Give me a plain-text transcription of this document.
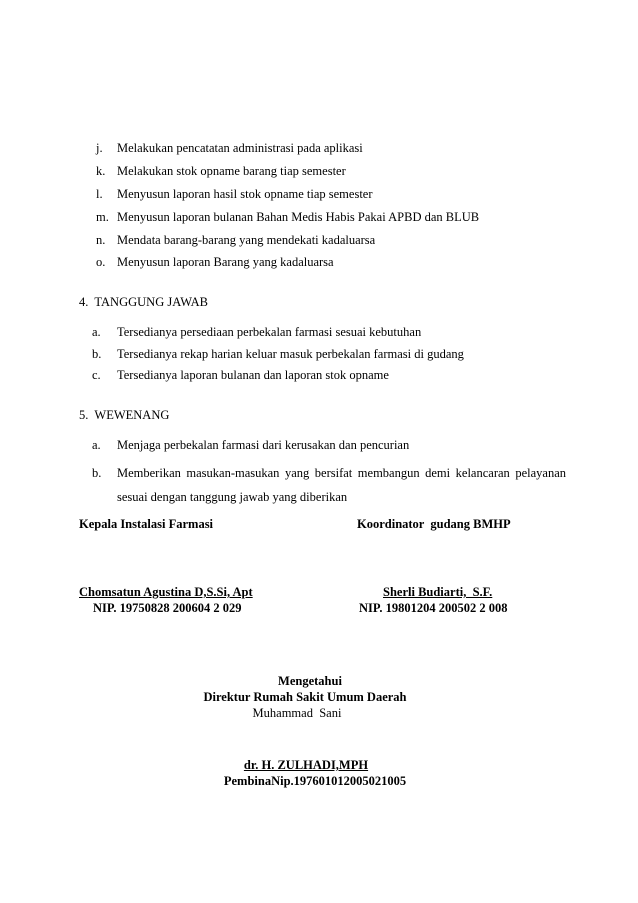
j. Melakukan pencatatan administrasi pada aplikasi
k. Melakukan stok opname barang tiap semester
l. Menyusun laporan hasil stok opname tiap semester
m. Menyusun laporan bulanan Bahan Medis Habis Pakai APBD dan BLUB
n. Mendata barang-barang yang mendekati kadaluarsa
o. Menyusun laporan Barang yang kadaluarsa
4.  TANGGUNG JAWAB
a. Tersedianya persediaan perbekalan farmasi sesuai kebutuhan
b. Tersedianya rekap harian keluar masuk perbekalan farmasi di gudang
c. Tersedianya laporan bulanan dan laporan stok opname
5.  WEWENANG
a. Menjaga perbekalan farmasi dari kerusakan dan pencurian
b. Memberikan masukan-masukan yang bersifat membangun demi kelancaran pelayanan
sesuai dengan tanggung jawab yang diberikan
Kepala Instalasi Farmasi	Koordinator  gudang BMHP
Chomsatun Agustina D,S.Si, Apt
NIP. 19750828 200604 2 029
Sherli Budiarti,  S.F.
NIP. 19801204 200502 2 008
Mengetahui
Direktur Rumah Sakit Umum Daerah
Muhammad  Sani
dr. H. ZULHADI,MPH
PembinaNip.197601012005021005
